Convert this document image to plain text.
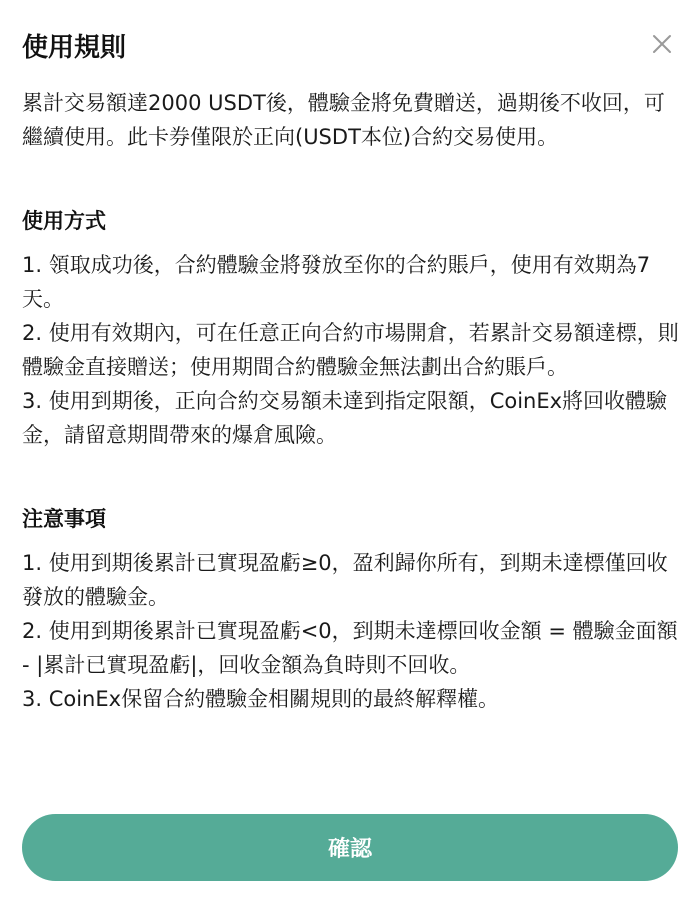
使用規則

累計交易額達2000 USDT後，體驗金將免費贈送，過期後不收回，可繼續使用。此卡券僅限於正向(USDT本位)合約交易使用。

使用方式

1. 領取成功後，合約體驗金將發放至你的合約賬戶，使用有效期為7天。

2. 使用有效期內，可在任意正向合約市場開倉，若累計交易額達標，則體驗金直接贈送；使用期間合約體驗金無法劃出合約賬戶。

3. 使用到期後，正向合約交易額未達到指定限額，CoinEx將回收體驗金，請留意期間帶來的爆倉風險。

注意事項

1. 使用到期後累計已實現盈虧≥0，盈利歸你所有，到期未達標僅回收發放的體驗金。

2. 使用到期後累計已實現盈虧<0，到期未達標回收金額 = 體驗金面額 - |累計已實現盈虧|，回收金額為負時則不回收。

3. CoinEx保留合約體驗金相關規則的最終解釋權。

確認
